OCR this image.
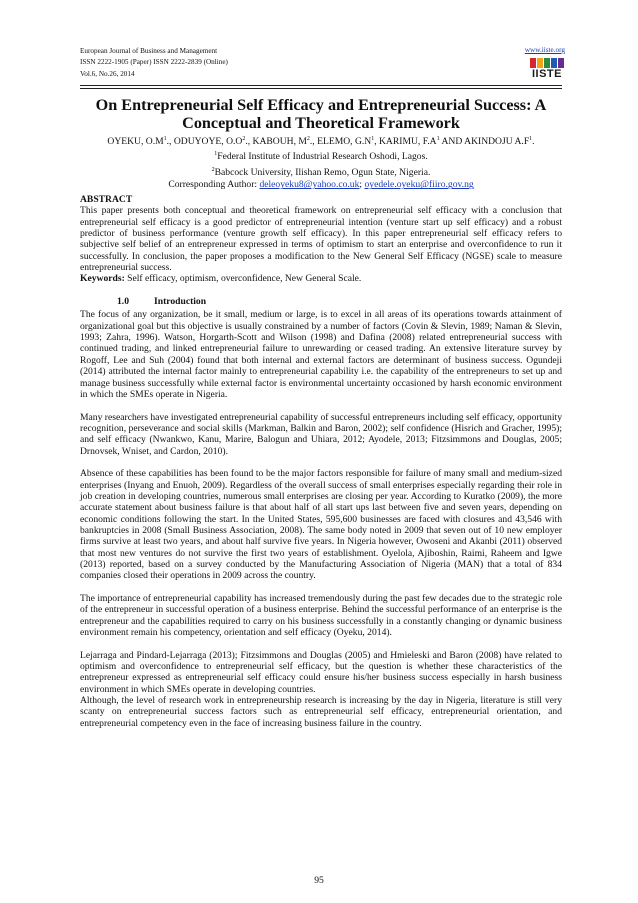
European Journal of Business and Management
ISSN 2222-1905 (Paper) ISSN 2222-2839 (Online)
Vol.6, No.26, 2014
www.iiste.org
IISTE
On Entrepreneurial Self Efficacy and Entrepreneurial Success: A
Conceptual and Theoretical Framework
OYEKU, $O.M^1$., ODUYOYE, $O.O^2$., KABOUH, $M^2$., ELEMO, $G.N^1$, KARIMU, $F.A^1$ AND AKINDOJU $A.F^1$.
$^1$Federal Institute of Industrial Research Oshodi, Lagos.
$^2$Babcock University, Ilishan Remo, Ogun State, Nigeria.
Corresponding Author: deleoyeku8@yahoo.co.uk; oyedele.oyeku@fiiro.gov.ng
ABSTRACT

This paper presents both conceptual and theoretical framework on entrepreneurial self efficacy with a conclusion that entrepreneurial self efficacy is a good predictor of entrepreneurial intention (venture start up self efficacy) and a robust predictor of business performance (venture growth self efficacy). In this paper entrepreneurial self efficacy refers to subjective self belief of an entrepreneur expressed in terms of optimism to start an enterprise and overconfidence to run it successfully. In conclusion, the paper proposes a modification to the New General Self Efficacy (NGSE) scale to measure entrepreneurial success.

Keywords: Self efficacy, optimism, overconfidence, New General Scale.

1.0	Introduction

The focus of any organization, be it small, medium or large, is to excel in all areas of its operations towards attainment of organizational goal but this objective is usually constrained by a number of factors (Covin & Slevin, 1989; Naman & Slevin, 1993; Zahra, 1996). Watson, Horgarth-Scott and Wilson (1998) and Dafina (2008) related entrepreneurial success with continued trading, and linked entrepreneurial failure to unrewarding or ceased trading. An extensive literature survey by Rogoff, Lee and Suh (2004) found that both internal and external factors are determinant of business success. Ogundeji (2014) attributed the internal factor mainly to entrepreneurial capability i.e. the capability of the entrepreneurs to set up and manage business successfully while external factor is environmental uncertainty occasioned by harsh economic environment in which the SMEs operate in Nigeria.

Many researchers have investigated entrepreneurial capability of successful entrepreneurs including self efficacy, opportunity recognition, perseverance and social skills (Markman, Balkin and Baron, 2002); self confidence (Hisrich and Gracher, 1995); and self efficacy (Nwankwo, Kanu, Marire, Balogun and Uhiara, 2012; Ayodele, 2013; Fitzsimmons and Douglas, 2005; Drnovsek, Wniset, and Cardon, 2010).

Absence of these capabilities has been found to be the major factors responsible for failure of many small and medium-sized enterprises (Inyang and Enuoh, 2009). Regardless of the overall success of small enterprises especially regarding their role in job creation in developing countries, numerous small enterprises are closing per year. According to Kuratko (2009), the more accurate statement about business failure is that about half of all start ups last between five and seven years, depending on economic conditions following the start. In the United States, 595,600 businesses are faced with closures and 43,546 with bankruptcies in 2008 (Small Business Association, 2008). The same body noted in 2009 that seven out of 10 new employer firms survive at least two years, and about half survive five years. In Nigeria however, Owoseni and Akanbi (2011) observed that most new ventures do not survive the first two years of establishment. Oyelola, Ajiboshin, Raimi, Raheem and Igwe (2013) reported, based on a survey conducted by the Manufacturing Association of Nigeria (MAN) that a total of 834 companies closed their operations in 2009 across the country.

The importance of entrepreneurial capability has increased tremendously during the past few decades due to the strategic role of the entrepreneur in successful operation of a business enterprise. Behind the successful performance of an enterprise is the entrepreneur and the capabilities required to carry on his business successfully in a constantly changing or dynamic business environment remain his competency, orientation and self efficacy (Oyeku, 2014).

Lejarraga and Pindard-Lejarraga (2013); Fitzsimmons and Douglas (2005) and Hmieleski and Baron (2008) have related to optimism and overconfidence to entrepreneurial self efficacy, but the question is whether these characteristics of the entrepreneur expressed as entrepreneurial self efficacy could ensure his/her business success especially in harsh business environment in which SMEs operate in developing countries.

Although, the level of research work in entrepreneurship research is increasing by the day in Nigeria, literature is still very scanty on entrepreneurial success factors such as entrepreneurial self efficacy, entrepreneurial orientation, and entrepreneurial competency even in the face of increasing business failure in the country.

95
